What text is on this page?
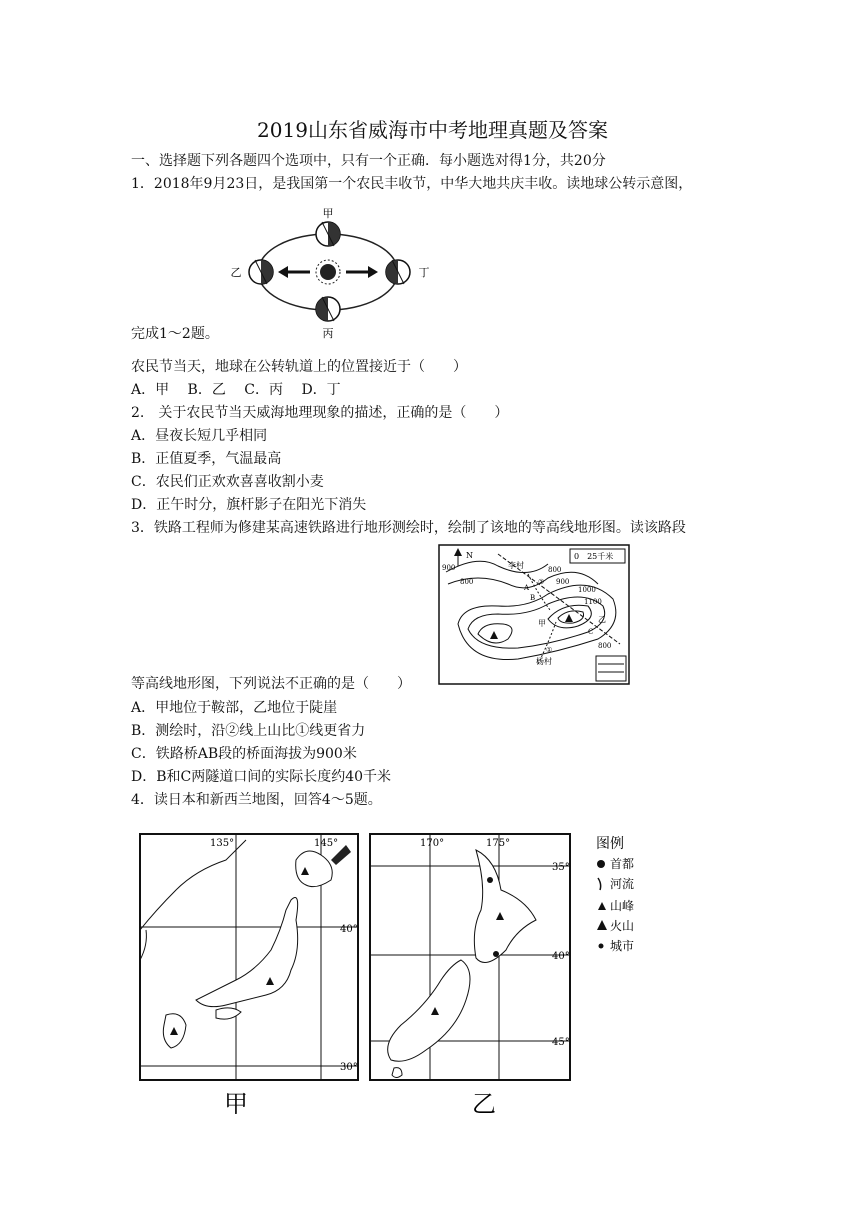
2019山东省威海市中考地理真题及答案
一、选择题下列各题四个选项中，只有一个正确．每小题选对得1分，共20分
1．2018年9月23日，是我国第一个农民丰收节，中华大地共庆丰收。读地球公转示意图，
甲
乙
丙
丁
完成1～2题。
农民节当天，地球在公转轨道上的位置接近于（　　）
A．甲　 B．乙　 C．丙　 D．丁
2.　关于农民节当天威海地理现象的描述，正确的是（　　）
A．昼夜长短几乎相同
B．正值夏季，气温最高
C．农民们正欢欢喜喜收割小麦
D．正午时分，旗杆影子在阳光下消失
3．铁路工程师为修建某高速铁路进行地形测绘时，绘制了该地的等高线地形图。读该路段
N	0　25千米
800
900	800
900
1000
1100
800
李村
杨村
甲	乙
A
B
C
①
②
等高线地形图，下列说法不正确的是（　　）
A．甲地位于鞍部，乙地位于陡崖
B．测绘时，沿②线上山比①线更省力
C．铁路桥AB段的桥面海拔为900米
D．B和C两隧道口间的实际长度约40千米
4．读日本和新西兰地图，回答4～5题。
135°	145°
40°
30°
甲
170°	175°
35°
40°
45°
乙
图例
首都
河流
山峰
火山
城市
